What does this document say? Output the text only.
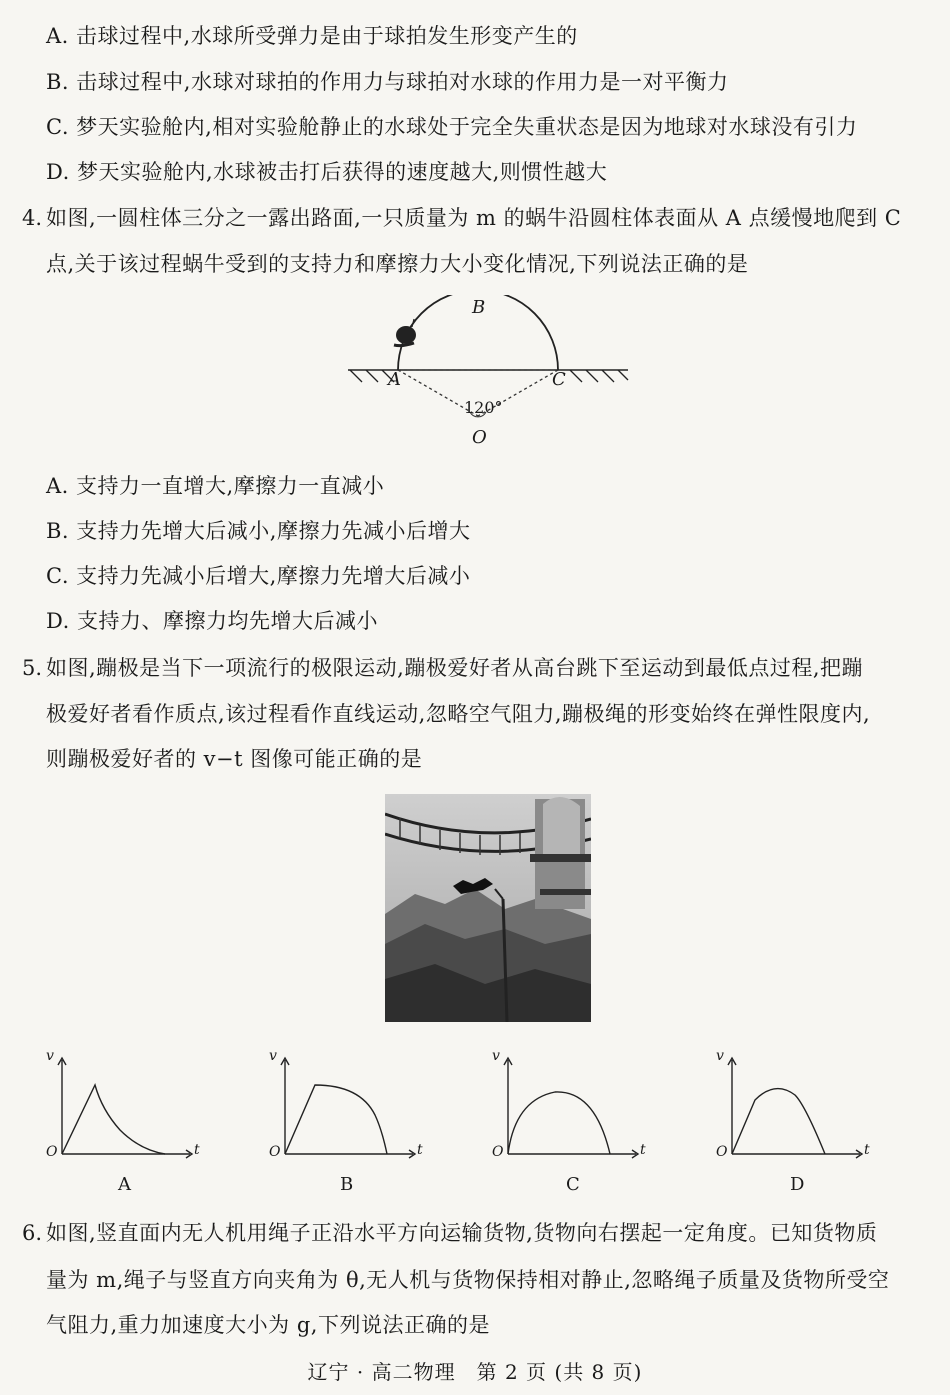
A. 击球过程中,水球所受弹力是由于球拍发生形变产生的
B. 击球过程中,水球对球拍的作用力与球拍对水球的作用力是一对平衡力
C. 梦天实验舱内,相对实验舱静止的水球处于完全失重状态是因为地球对水球没有引力
D. 梦天实验舱内,水球被击打后获得的速度越大,则惯性越大
4. 如图,一圆柱体三分之一露出路面,一只质量为 m 的蜗牛沿圆柱体表面从 A 点缓慢地爬到 C
点,关于该过程蜗牛受到的支持力和摩擦力大小变化情况,下列说法正确的是
B
A	C
120°
O
A. 支持力一直增大,摩擦力一直减小
B. 支持力先增大后减小,摩擦力先减小后增大
C. 支持力先减小后增大,摩擦力先增大后减小
D. 支持力、摩擦力均先增大后减小
5. 如图,蹦极是当下一项流行的极限运动,蹦极爱好者从高台跳下至运动到最低点过程,把蹦
极爱好者看作质点,该过程看作直线运动,忽略空气阻力,蹦极绳的形变始终在弹性限度内,
则蹦极爱好者的 v−t 图像可能正确的是
v
t
O
A
v
t
O
B
v
t
O
C
v
t
O
D
6. 如图,竖直面内无人机用绳子正沿水平方向运输货物,货物向右摆起一定角度。已知货物质
量为 m,绳子与竖直方向夹角为 θ,无人机与货物保持相对静止,忽略绳子质量及货物所受空
气阻力,重力加速度大小为 g,下列说法正确的是
辽宁 · 高二物理　第 2 页 (共 8 页)
